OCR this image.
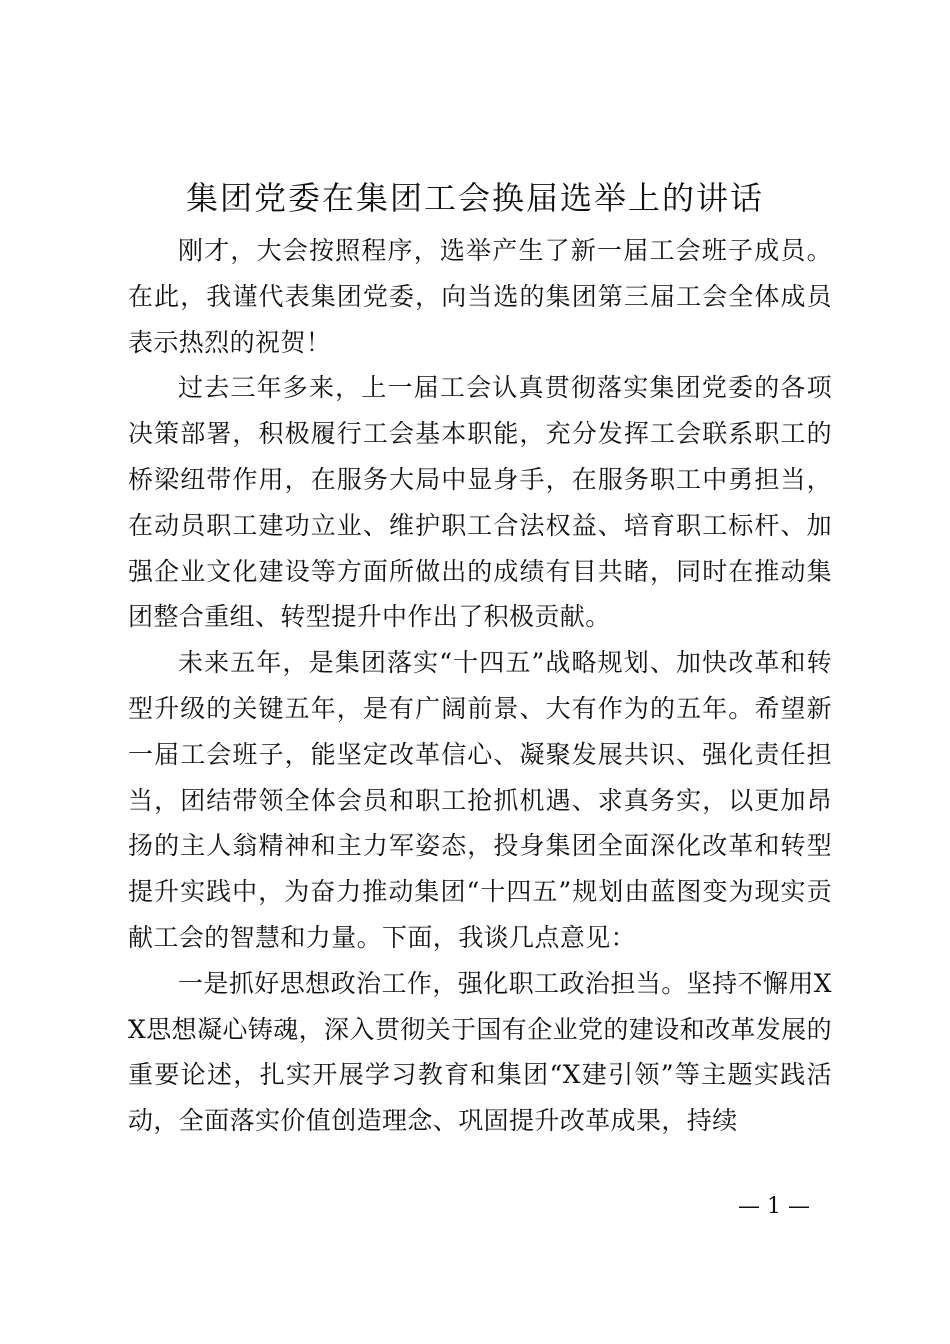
集团党委在集团工会换届选举上的讲话

刚才，大会按照程序，选举产生了新一届工会班子成员。在此，我谨代表集团党委，向当选的集团第三届工会全体成员表示热烈的祝贺！

过去三年多来，上一届工会认真贯彻落实集团党委的各项决策部署，积极履行工会基本职能，充分发挥工会联系职工的桥梁纽带作用，在服务大局中显身手，在服务职工中勇担当，在动员职工建功立业、维护职工合法权益、培育职工标杆、加强企业文化建设等方面所做出的成绩有目共睹，同时在推动集团整合重组、转型提升中作出了积极贡献。

未来五年，是集团落实“十四五”战略规划、加快改革和转型升级的关键五年，是有广阔前景、大有作为的五年。希望新一届工会班子，能坚定改革信心、凝聚发展共识、强化责任担当，团结带领全体会员和职工抢抓机遇、求真务实，以更加昂扬的主人翁精神和主力军姿态，投身集团全面深化改革和转型提升实践中，为奋力推动集团“十四五”规划由蓝图变为现实贡献工会的智慧和力量。下面，我谈几点意见：

一是抓好思想政治工作，强化职工政治担当。坚持不懈用XX思想凝心铸魂，深入贯彻关于国有企业党的建设和改革发展的重要论述，扎实开展学习教育和集团“X建引领”等主题实践活动，全面落实价值创造理念、巩固提升改革成果，持续

— 1 —
